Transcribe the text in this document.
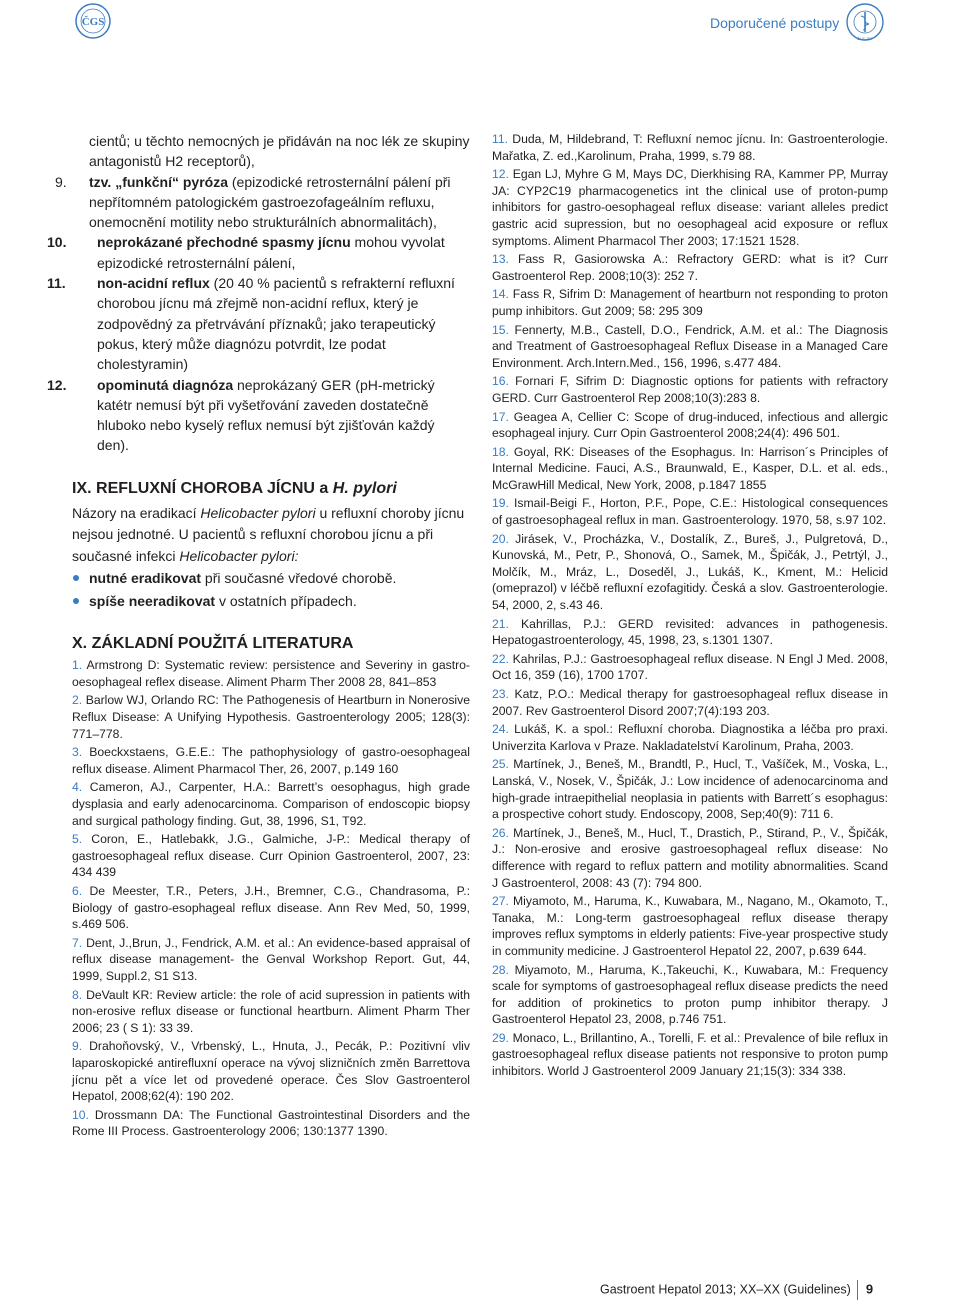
ČGS	Doporučené postupy
ČLS JEP

cientů; u těchto nemocných je přidáván na noc lék ze skupiny antagonistů H2 receptorů),

9. tzv. „funkční“ pyróza (epizodické retrosternální pálení při nepřítomném patologickém gastroezofageálním refluxu, onemocnění motility nebo strukturálních abnormalitách),

10. neprokázané přechodné spasmy jícnu mohou vyvolat epizodické retrosternální pálení,

11. non-acidní reflux (20 40 % pacientů s refrakterní refluxní chorobou jícnu má zřejmě non-acidní reflux, který je zodpovědný za přetrvávání příznaků; jako terapeutický pokus, který může diagnózu potvrdit, lze podat cholestyramin)

12. opominutá diagnóza neprokázaný GER (pH-metrický katétr nemusí být při vyšetřování zaveden dostatečně hluboko nebo kyselý reflux nemusí být zjišťován každý den).

IX. REFLUXNÍ CHOROBA JÍCNU a H. pylori

Názory na eradikací Helicobacter pylori u refluxní choroby jícnu nejsou jednotné. U pacientů s refluxní chorobou jícnu a při současné infekci Helicobacter pylori:

nutné eradikovat při současné vředové chorobě.
spíše neeradikovat v ostatních případech.
X. ZÁKLADNÍ POUŽITÁ LITERATURA

1. Armstrong D: Systematic review: persistence and Severiny in gastro-oesophageal reflex disease. Aliment Pharm Ther 2008 28, 841–853

2. Barlow WJ, Orlando RC: The Pathogenesis of Heartburn in Nonerosive Reflux Disease: A Unifying Hypothesis. Gastroenterology 2005; 128(3): 771–778.

3. Boeckxstaens, G.E.E.: The pathophysiology of gastro-oesophageal reflux disease. Aliment Pharmacol Ther, 26, 2007, p.149 160

4. Cameron, AJ., Carpenter, H.A.: Barrett’s oesophagus, high grade dysplasia and early adenocarcinoma. Comparison of endoscopic biopsy and surgical pathology finding. Gut, 38, 1996, S1, T92.

5. Coron, E., Hatlebakk, J.G., Galmiche, J-P.: Medical therapy of gastroesophageal reflux disease. Curr Opinion Gastroenterol, 2007, 23: 434 439

6. De Meester, T.R., Peters, J.H., Bremner, C.G., Chandrasoma, P.: Biology of gastro-esophageal reflux disease. Ann Rev Med, 50, 1999, s.469 506.

7. Dent, J.,Brun, J., Fendrick, A.M. et al.: An evidence-based appraisal of reflux disease management- the Genval Workshop Report. Gut, 44, 1999, Suppl.2, S1 S13.

8. DeVault KR: Review article: the role of acid supression in patients with non-erosive reflux disease or functional heartburn. Aliment Pharm Ther 2006; 23 ( S 1): 33 39.

9. Drahoňovský, V., Vrbenský, L., Hnuta, J., Pecák, P.: Pozitivní vliv laparoskopické antirefluxní operace na vývoj slizničních změn Barrettova jícnu pět a více let od provedené operace. Čes Slov Gastroenterol Hepatol, 2008;62(4): 190 202.

10. Drossmann DA: The Functional Gastrointestinal Disorders and the Rome III Process. Gastroenterology 2006; 130:1377 1390.

11. Duda, M, Hildebrand, T: Refluxní nemoc jícnu. In: Gastroenterologie. Mařatka, Z. ed.,Karolinum, Praha, 1999, s.79 88.

12. Egan LJ, Myhre G M, Mays DC, Dierkhising RA, Kammer PP, Murray JA: CYP2C19 pharmacogenetics int the clinical use of proton-pump inhibitors for gastro-oesophageal reflux disease: variant alleles predict gastric acid supression, but no oesophageal acid exposure or reflux symptoms. Aliment Pharmacol Ther 2003; 17:1521 1528.

13. Fass R, Gasiorowska A.: Refractory GERD: what is it? Curr Gastroenterol Rep. 2008;10(3): 252 7.

14. Fass R, Sifrim D: Management of heartburn not responding to proton pump inhibitors. Gut 2009; 58: 295 309

15. Fennerty, M.B., Castell, D.O., Fendrick, A.M. et al.: The Diagnosis and Treatment of Gastroesophageal Reflux Disease in a Managed Care Environment. Arch.Intern.Med., 156, 1996, s.477 484.

16. Fornari F, Sifrim D: Diagnostic options for patients with refractory GERD. Curr Gastroenterol Rep 2008;10(3):283 8.

17. Geagea A, Cellier C: Scope of drug-induced, infectious and allergic esophageal injury. Curr Opin Gastroenterol 2008;24(4): 496 501.

18. Goyal, RK: Diseases of the Esophagus. In: Harrison´s Principles of Internal Medicine. Fauci, A.S., Braunwald, E., Kasper, D.L. et al. eds., McGrawHill Medical, New York, 2008, p.1847 1855

19. Ismail-Beigi F., Horton, P.F., Pope, C.E.: Histological consequences of gastroesophageal reflux in man. Gastroenterology. 1970, 58, s.97 102.

20. Jirásek, V., Procházka, V., Dostalík, Z., Bureš, J., Pulgretová, D., Kunovská, M., Petr, P., Shonová, O., Samek, M., Špičák, J., Petrtýl, J., Molčík, M., Mráz, L., Doseděl, J., Lukáš, K., Kment, M.: Helicid (omeprazol) v léčbě refluxní ezofagitidy. Česká a slov. Gastroenterologie. 54, 2000, 2, s.43 46.

21. Kahrillas, P.J.: GERD revisited: advances in pathogenesis. Hepatogastroenterology, 45, 1998, 23, s.1301 1307.

22. Kahrilas, P.J.: Gastroesophageal reflux disease. N Engl J Med. 2008, Oct 16, 359 (16), 1700 1707.

23. Katz, P.O.: Medical therapy for gastroesophageal reflux disease in 2007. Rev Gastroenterol Disord 2007;7(4):193 203.

24. Lukáš, K. a spol.: Refluxní choroba. Diagnostika a léčba pro praxi. Univerzita Karlova v Praze. Nakladatelství Karolinum, Praha, 2003.

25. Martínek, J., Beneš, M., Brandtl, P., Hucl, T., Vašíček, M., Voska, L., Lanská, V., Nosek, V., Špičák, J.: Low incidence of adenocarcinoma and high-grade intraepithelial neoplasia in patients with Barrett´s esophagus: a prospective cohort study. Endoscopy, 2008, Sep;40(9): 711 6.

26. Martínek, J., Beneš, M., Hucl, T., Drastich, P., Stirand, P., V., Špičák, J.: Non-erosive and erosive gastroesophageal reflux disease: No difference with regard to reflux pattern and motility abnormalities. Scand J Gastroenterol, 2008: 43 (7): 794 800.

27. Miyamoto, M., Haruma, K., Kuwabara, M., Nagano, M., Okamoto, T., Tanaka, M.: Long-term gastroesophageal reflux disease therapy improves reflux symptoms in elderly patients: Five-year prospective study in community medicine. J Gastroenterol Hepatol 22, 2007, p.639 644.

28. Miyamoto, M., Haruma, K.,Takeuchi, K., Kuwabara, M.: Frequency scale for symptoms of gastroesophageal reflux disease predicts the need for addition of prokinetics to proton pump inhibitor therapy. J Gastroenterol Hepatol 23, 2008, p.746 751.

29. Monaco, L., Brillantino, A., Torelli, F. et al.: Prevalence of bile reflux in gastroesophageal reflux disease patients not responsive to proton pump inhibitors. World J Gastroenterol 2009 January 21;15(3): 334 338.

Gastroent Hepatol 2013; XX–XX (Guidelines) 9
